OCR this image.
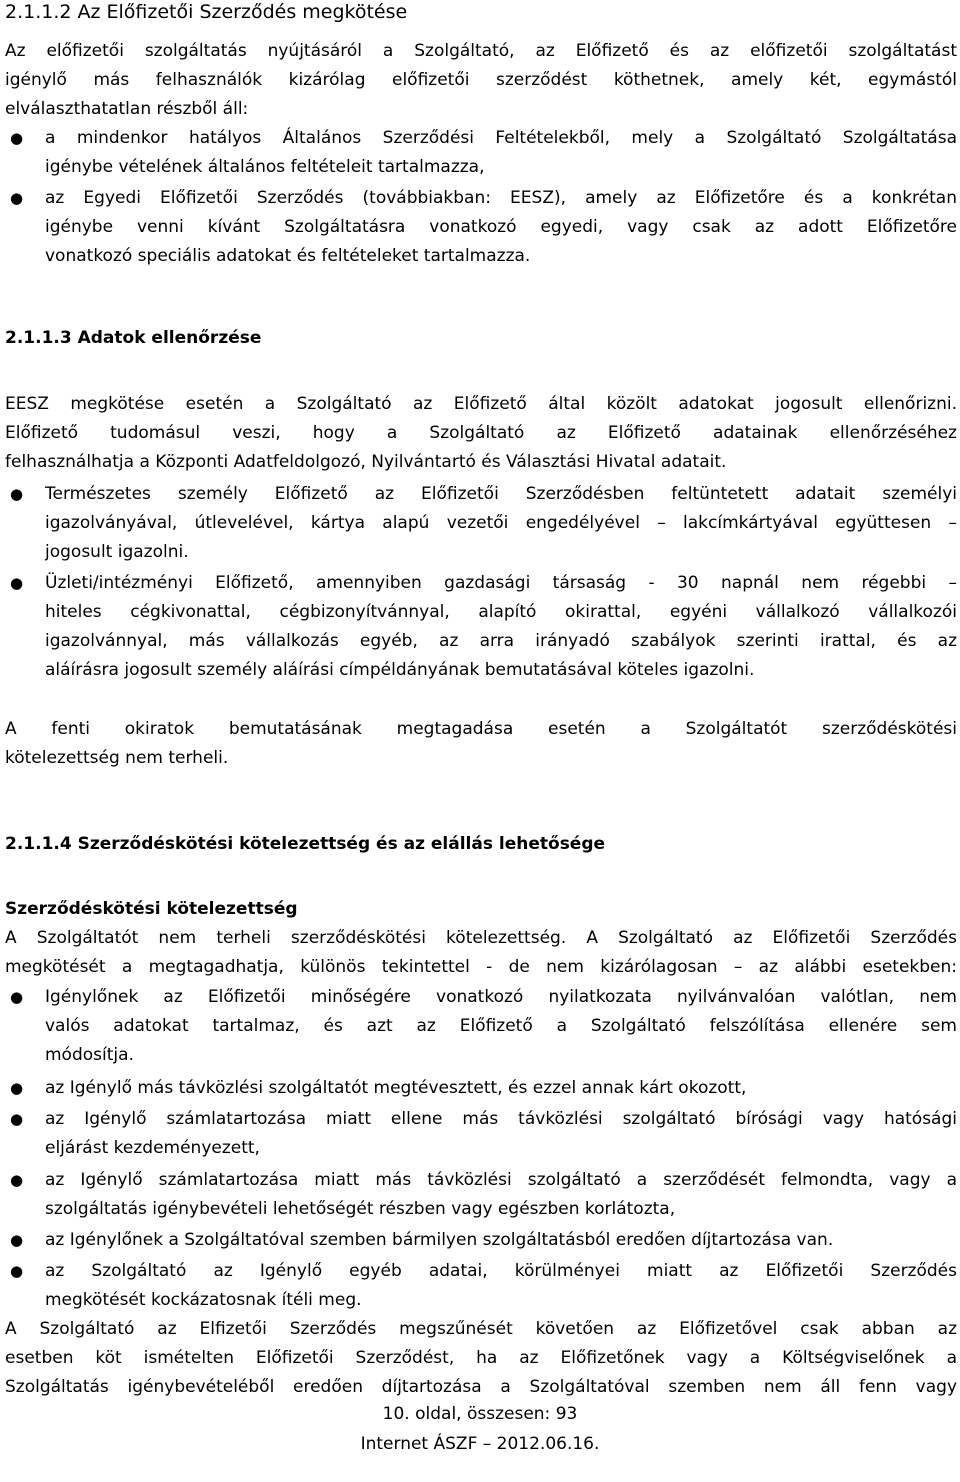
2.1.1.2 Az Előfizetői Szerződés megkötése
Az előfizetői szolgáltatás nyújtásáról a Szolgáltató, az Előfizető és az előfizetői szolgáltatást
igénylő más felhasználók kizárólag előfizetői szerződést köthetnek, amely két, egymástól
elválaszthatatlan részből áll:
● a mindenkor hatályos Általános Szerződési Feltételekből, mely a Szolgáltató Szolgáltatása
igénybe vételének általános feltételeit tartalmazza,
● az Egyedi Előfizetői Szerződés (továbbiakban: EESZ), amely az Előfizetőre és a konkrétan
igénybe venni kívánt Szolgáltatásra vonatkozó egyedi, vagy csak az adott Előfizetőre
vonatkozó speciális adatokat és feltételeket tartalmazza.
2.1.1.3 Adatok ellenőrzése
EESZ megkötése esetén a Szolgáltató az Előfizető által közölt adatokat jogosult ellenőrizni.
Előfizető tudomásul veszi, hogy a Szolgáltató az Előfizető adatainak ellenőrzéséhez
felhasználhatja a Központi Adatfeldolgozó, Nyilvántartó és Választási Hivatal adatait.
● Természetes személy Előfizető az Előfizetői Szerződésben feltüntetett adatait személyi
igazolványával, útlevelével, kártya alapú vezetői engedélyével – lakcímkártyával együttesen –
jogosult igazolni.
● Üzleti/intézményi Előfizető, amennyiben gazdasági társaság - 30 napnál nem régebbi –
hiteles cégkivonattal, cégbizonyítvánnyal, alapító okirattal, egyéni vállalkozó vállalkozói
igazolvánnyal, más vállalkozás egyéb, az arra irányadó szabályok szerinti irattal, és az
aláírásra jogosult személy aláírási címpéldányának bemutatásával köteles igazolni.
A fenti okiratok bemutatásának megtagadása esetén a Szolgáltatót szerződéskötési
kötelezettség nem terheli.
2.1.1.4 Szerződéskötési kötelezettség és az elállás lehetősége
Szerződéskötési kötelezettség
A Szolgáltatót nem terheli szerződéskötési kötelezettség. A Szolgáltató az Előfizetői Szerződés
megkötését a megtagadhatja, különös tekintettel - de nem kizárólagosan – az alábbi esetekben:
● Igénylőnek az Előfizetői minőségére vonatkozó nyilatkozata nyilvánvalóan valótlan, nem
valós adatokat tartalmaz, és azt az Előfizető a Szolgáltató felszólítása ellenére sem
módosítja.
● az Igénylő más távközlési szolgáltatót megtévesztett, és ezzel annak kárt okozott,
● az Igénylő számlatartozása miatt ellene más távközlési szolgáltató bírósági vagy hatósági
eljárást kezdeményezett,
● az Igénylő számlatartozása miatt más távközlési szolgáltató a szerződését felmondta, vagy a
szolgáltatás igénybevételi lehetőségét részben vagy egészben korlátozta,
● az Igénylőnek a Szolgáltatóval szemben bármilyen szolgáltatásból eredően díjtartozása van.
● az Szolgáltató az Igénylő egyéb adatai, körülményei miatt az Előfizetői Szerződés
megkötését kockázatosnak ítéli meg.
A Szolgáltató az Elfizetői Szerződés megszűnését követően az Előfizetővel csak abban az
esetben köt ismételten Előfizetői Szerződést, ha az Előfizetőnek vagy a Költségviselőnek a
Szolgáltatás igénybevételéből eredően díjtartozása a Szolgáltatóval szemben nem áll fenn vagy
10. oldal, összesen: 93
Internet ÁSZF – 2012.06.16.
